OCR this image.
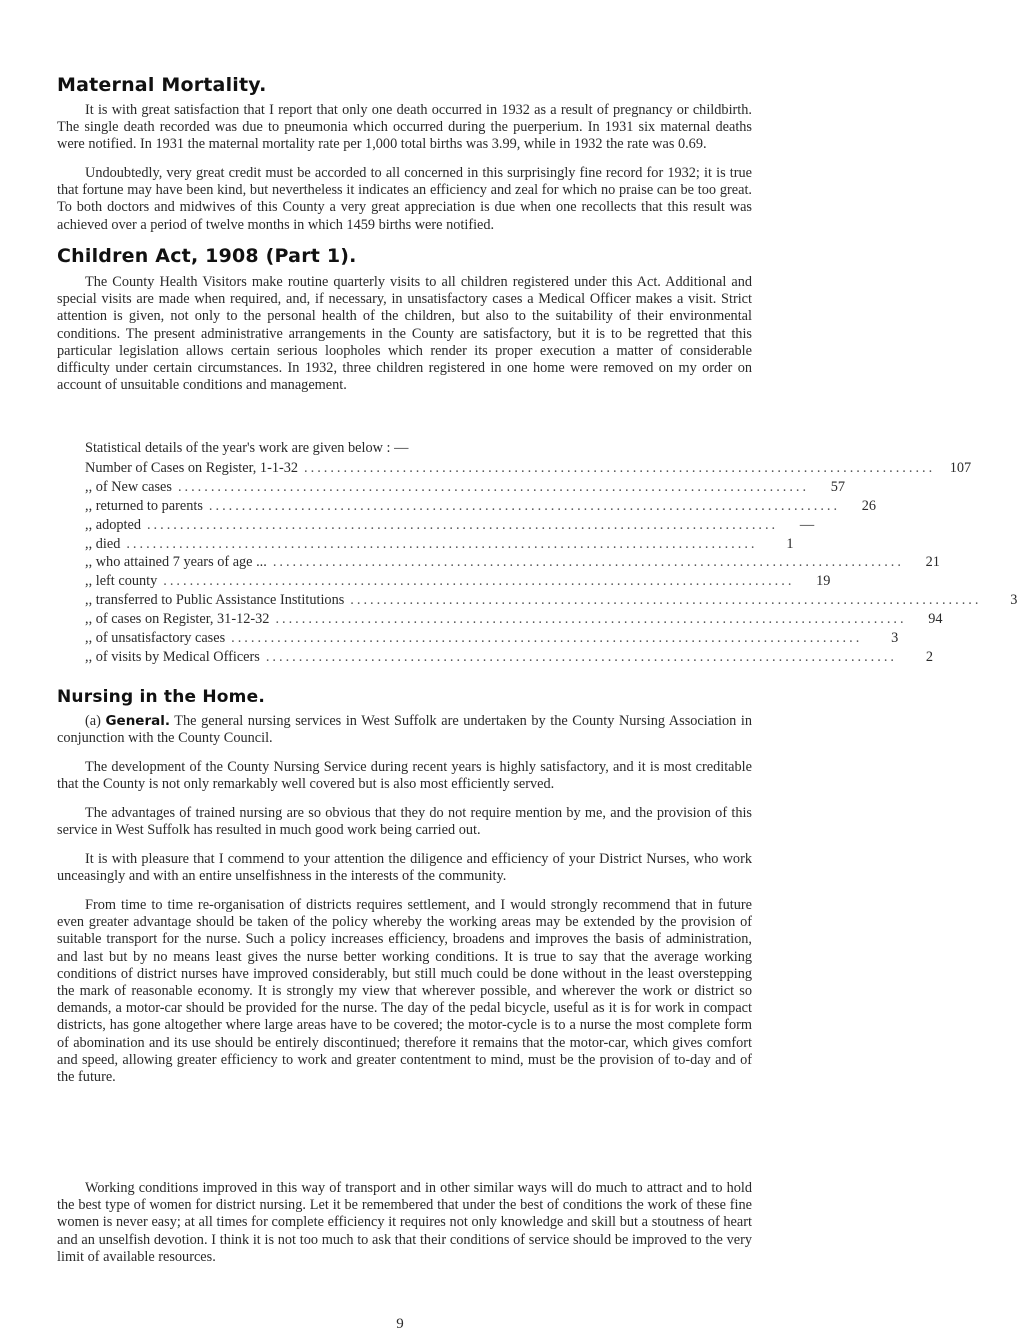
Maternal Mortality.

It is with great satisfaction that I report that only one death occurred in 1932 as a result of pregnancy or childbirth. The single death recorded was due to pneumonia which occurred during the puerperium. In 1931 six maternal deaths were notified. In 1931 the maternal mortality rate per 1,000 total births was 3.99, while in 1932 the rate was 0.69.

Undoubtedly, very great credit must be accorded to all concerned in this surprisingly fine record for 1932; it is true that fortune may have been kind, but nevertheless it indicates an efficiency and zeal for which no praise can be too great. To both doctors and midwives of this County a very great appreciation is due when one recollects that this result was achieved over a period of twelve months in which 1459 births were notified.

Children Act, 1908 (Part 1).

The County Health Visitors make routine quarterly visits to all children registered under this Act. Additional and special visits are made when required, and, if necessary, in unsatisfactory cases a Medical Officer makes a visit. Strict attention is given, not only to the personal health of the children, but also to the suitability of their environmental conditions. The present administrative arrangements in the County are satisfactory, but it is to be regretted that this particular legislation allows certain serious loopholes which render its proper execution a matter of considerable difficulty under certain circumstances. In 1932, three children registered in one home were removed on my order on account of unsuitable conditions and management.

Statistical details of the year's work are given below : —
Number of Cases on Register, 1-1-32 ................................................................................................	107
,, of New cases ................................................................................................	57
,, returned to parents ................................................................................................	26
,, adopted ................................................................................................	—
,, died ................................................................................................	1
,, who attained 7 years of age ... ................................................................................................	21
,, left county ................................................................................................	19
,, transferred to Public Assistance Institutions ................................................................................................	3
,, of cases on Register, 31-12-32 ................................................................................................	94
,, of unsatisfactory cases ................................................................................................	3
,, of visits by Medical Officers ................................................................................................	2
Nursing in the Home.

(a) General. The general nursing services in West Suffolk are undertaken by the County Nursing Association in conjunction with the County Council.

The development of the County Nursing Service during recent years is highly satisfactory, and it is most creditable that the County is not only remarkably well covered but is also most efficiently served.

The advantages of trained nursing are so obvious that they do not require mention by me, and the provision of this service in West Suffolk has resulted in much good work being carried out.

It is with pleasure that I commend to your attention the diligence and efficiency of your District Nurses, who work unceasingly and with an entire unselfishness in the interests of the community.

From time to time re-organisation of districts requires settlement, and I would strongly recommend that in future even greater advantage should be taken of the policy whereby the working areas may be extended by the provision of suitable transport for the nurse. Such a policy increases efficiency, broadens and improves the basis of administration, and last but by no means least gives the nurse better working conditions. It is true to say that the average working conditions of district nurses have improved considerably, but still much could be done without in the least overstepping the mark of reasonable economy. It is strongly my view that wherever possible, and wherever the work or district so demands, a motor-car should be provided for the nurse. The day of the pedal bicycle, useful as it is for work in compact districts, has gone altogether where large areas have to be covered; the motor-cycle is to a nurse the most complete form of abomination and its use should be entirely discontinued; therefore it remains that the motor-car, which gives comfort and speed, allowing greater efficiency to work and greater contentment to mind, must be the provision of to-day and of the future.

Working conditions improved in this way of transport and in other similar ways will do much to attract and to hold the best type of women for district nursing. Let it be remembered that under the best of conditions the work of these fine women is never easy; at all times for complete efficiency it requires not only knowledge and skill but a stoutness of heart and an unselfish devotion. I think it is not too much to ask that their conditions of service should be improved to the very limit of available resources.

9
